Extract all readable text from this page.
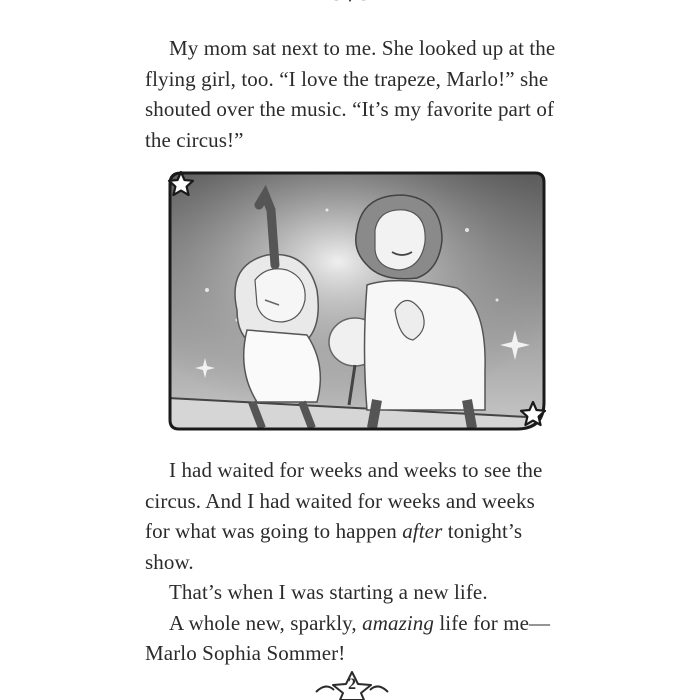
My mom sat next to me. She looked up at the flying girl, too. “I love the trapeze, Marlo!” she shouted over the music. “It’s my favorite part of the circus!”

I had waited for weeks and weeks to see the
circus. And I had waited for weeks and weeks
for what was going to happen after tonight’s
show.
That’s when I was starting a new life.
A whole new, sparkly, amazing life for me—
Marlo Sophia Sommer!
2
